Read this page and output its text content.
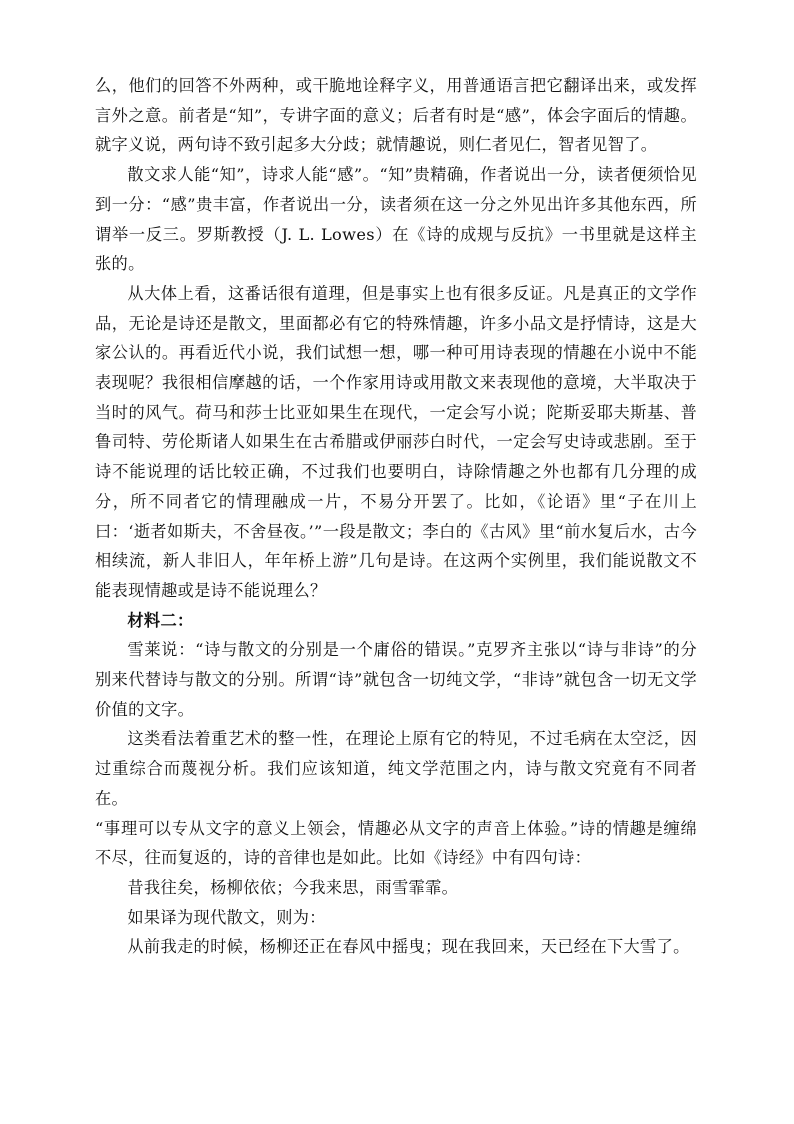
么，他们的回答不外两种，或干脆地诠释字义，用普通语言把它翻译出来，或发挥言外之意。前者是“知”，专讲字面的意义；后者有时是“感”，体会字面后的情趣。就字义说，两句诗不致引起多大分歧；就情趣说，则仁者见仁，智者见智了。

散文求人能“知”，诗求人能“感”。“知”贵精确，作者说出一分，读者便须恰见到一分：“感”贵丰富，作者说出一分，读者须在这一分之外见出许多其他东西，所谓举一反三。罗斯教授（J. L. Lowes）在《诗的成规与反抗》一书里就是这样主张的。

从大体上看，这番话很有道理，但是事实上也有很多反证。凡是真正的文学作品，无论是诗还是散文，里面都必有它的特殊情趣，许多小品文是抒情诗，这是大家公认的。再看近代小说，我们试想一想，哪一种可用诗表现的情趣在小说中不能表现呢？我很相信摩越的话，一个作家用诗或用散文来表现他的意境，大半取决于当时的风气。荷马和莎士比亚如果生在现代，一定会写小说；陀斯妥耶夫斯基、普鲁司特、劳伦斯诸人如果生在古希腊或伊丽莎白时代，一定会写史诗或悲剧。至于诗不能说理的话比较正确，不过我们也要明白，诗除情趣之外也都有几分理的成分，所不同者它的情理融成一片，不易分开罢了。比如，《论语》里“子在川上曰：‘逝者如斯夫，不舍昼夜。’”一段是散文；李白的《古风》里“前水复后水，古今相续流，新人非旧人，年年桥上游”几句是诗。在这两个实例里，我们能说散文不能表现情趣或是诗不能说理么？

材料二：

雪莱说：“诗与散文的分别是一个庸俗的错误。”克罗齐主张以“诗与非诗”的分别来代替诗与散文的分别。所谓“诗”就包含一切纯文学，“非诗”就包含一切无文学价值的文字。

这类看法着重艺术的整一性，在理论上原有它的特见，不过毛病在太空泛，因过重综合而蔑视分析。我们应该知道，纯文学范围之内，诗与散文究竟有不同者在。

“事理可以专从文字的意义上领会，情趣必从文字的声音上体验。”诗的情趣是缠绵不尽，往而复返的，诗的音律也是如此。比如《诗经》中有四句诗：

昔我往矣，杨柳依依；今我来思，雨雪霏霏。

如果译为现代散文，则为：

从前我走的时候，杨柳还正在春风中摇曳；现在我回来，天已经在下大雪了。
